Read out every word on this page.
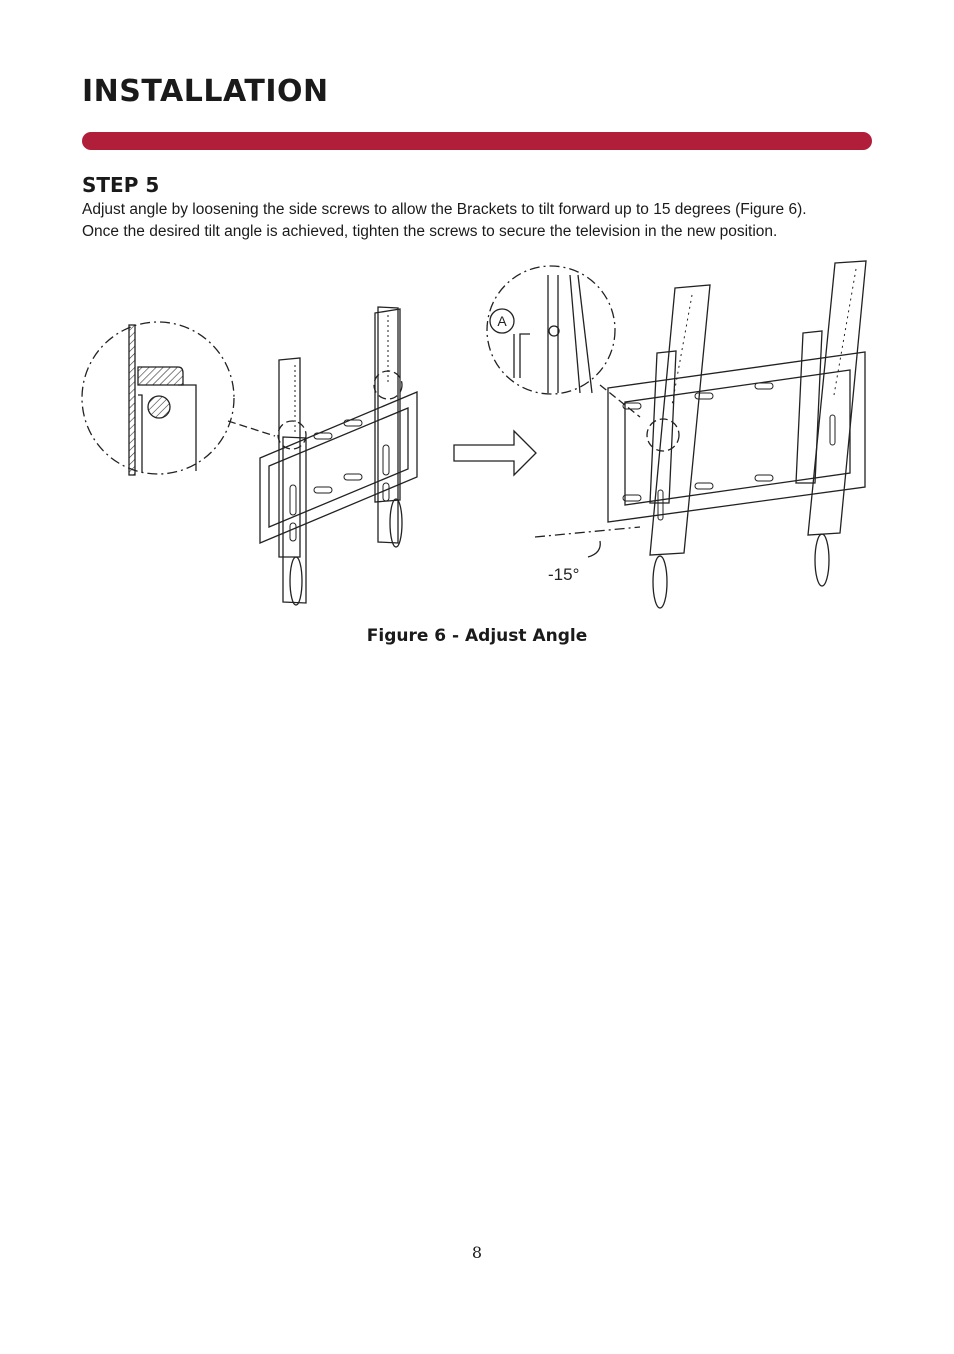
INSTALLATION
STEP 5

Adjust angle by loosening the side screws to allow the Brackets to tilt forward up to 15 degrees (Figure 6).
Once the desired tilt angle is achieved, tighten the screws to secure the television in the new position.

A
-15°

Figure 6 - Adjust Angle

8
